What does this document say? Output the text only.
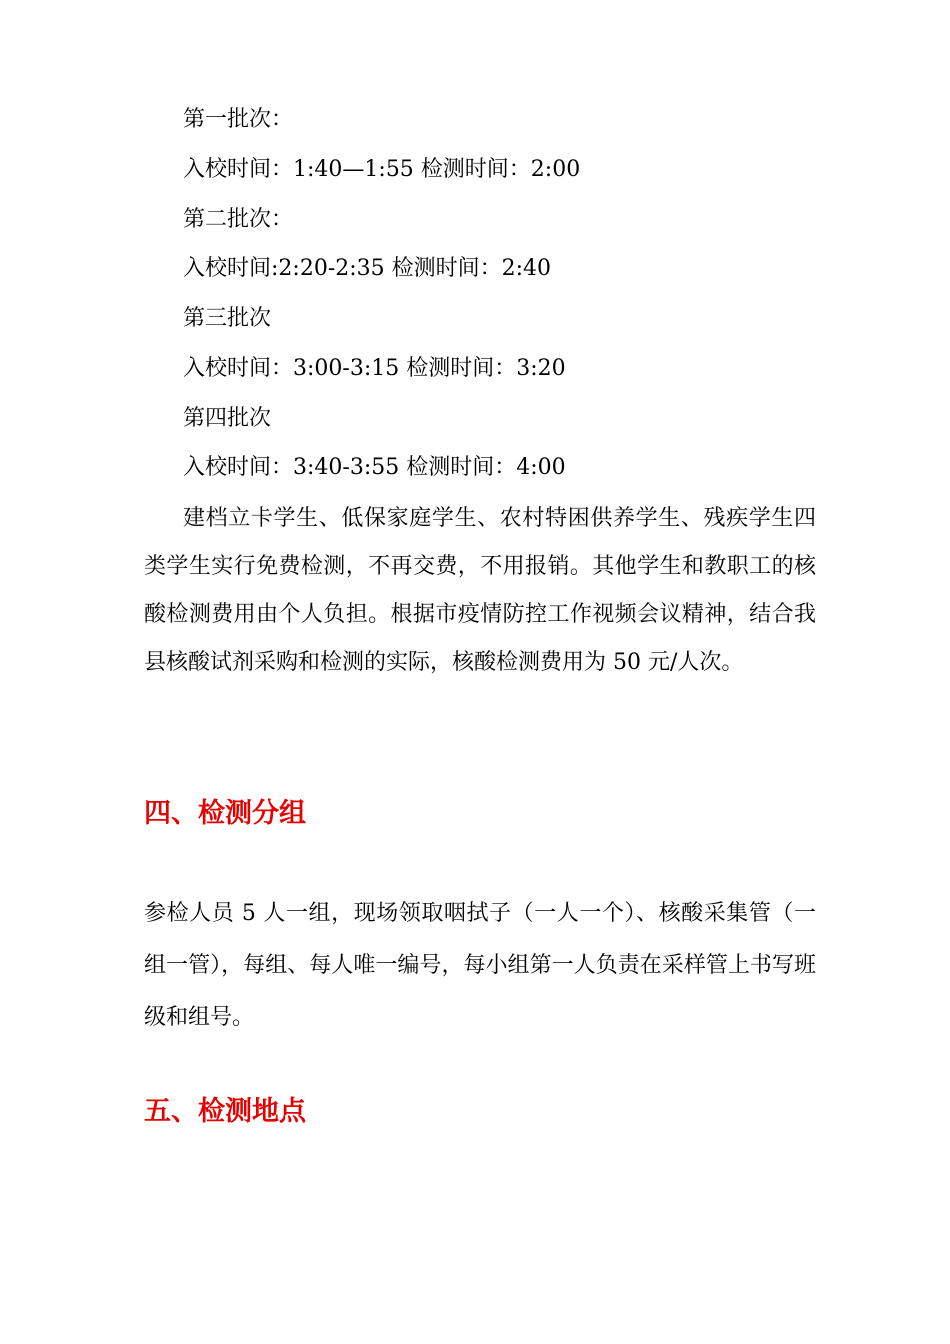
第一批次：
入校时间：1:40—1:55 检测时间：2:00
第二批次：
入校时间:2:20-2:35 检测时间：2:40
第三批次
入校时间：3:00-3:15 检测时间：3:20
第四批次
入校时间：3:40-3:55 检测时间：4:00
建档立卡学生、低保家庭学生、农村特困供养学生、残疾学生四类学生实行免费检测，不再交费，不用报销。其他学生和教职工的核酸检测费用由个人负担。根据市疫情防控工作视频会议精神，结合我县核酸试剂采购和检测的实际，核酸检测费用为 50 元/人次。
四、检测分组
参检人员 5 人一组，现场领取咽拭子（一人一个）、核酸采集管（一组一管），每组、每人唯一编号，每小组第一人负责在采样管上书写班级和组号。
五、检测地点
